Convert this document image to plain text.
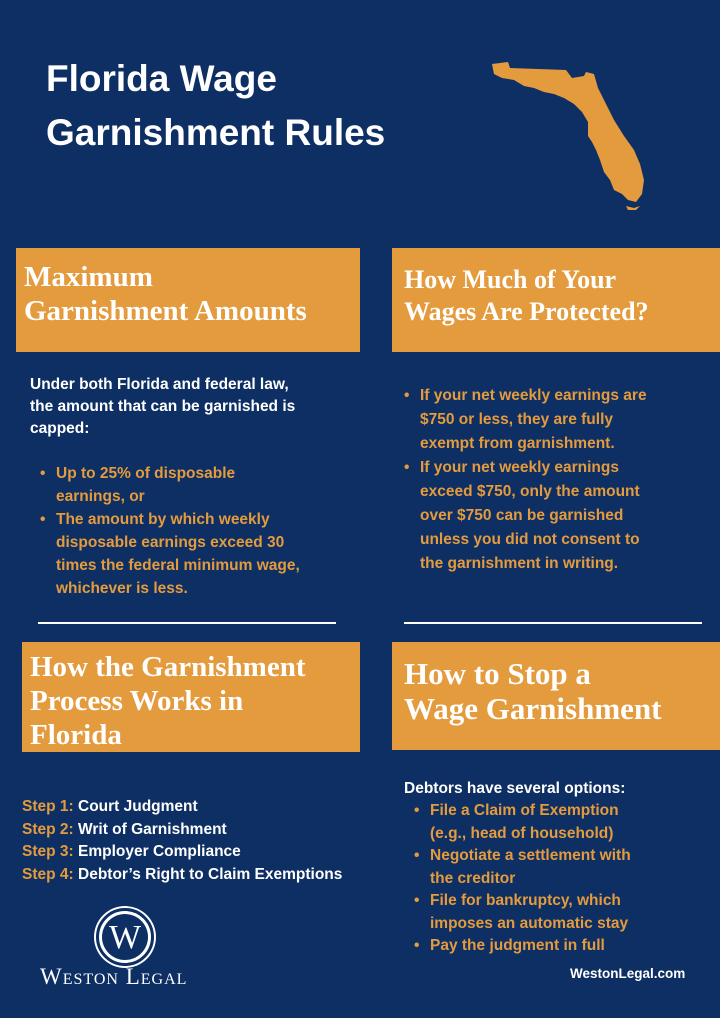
Florida Wage
Garnishment Rules
Maximum
Garnishment Amounts
How Much of Your
Wages Are Protected?
Under both Florida and federal law,
the amount that can be garnished is
capped:
• Up to 25% of disposable
earnings, or
• The amount by which weekly
disposable earnings exceed 30
times the federal minimum wage,
whichever is less.
• If your net weekly earnings are
$750 or less, they are fully
exempt from garnishment.
• If your net weekly earnings
exceed $750, only the amount
over $750 can be garnished
unless you did not consent to
the garnishment in writing.
How the Garnishment
Process Works in
Florida
How to Stop a
Wage Garnishment
Step 1: Court Judgment
Step 2: Writ of Garnishment
Step 3: Employer Compliance
Step 4: Debtor’s Right to Claim Exemptions
Debtors have several options:
• File a Claim of Exemption
(e.g., head of household)
• Negotiate a settlement with
the creditor
• File for bankruptcy, which
imposes an automatic stay
• Pay the judgment in full
W
Weston Legal	WestonLegal.com
